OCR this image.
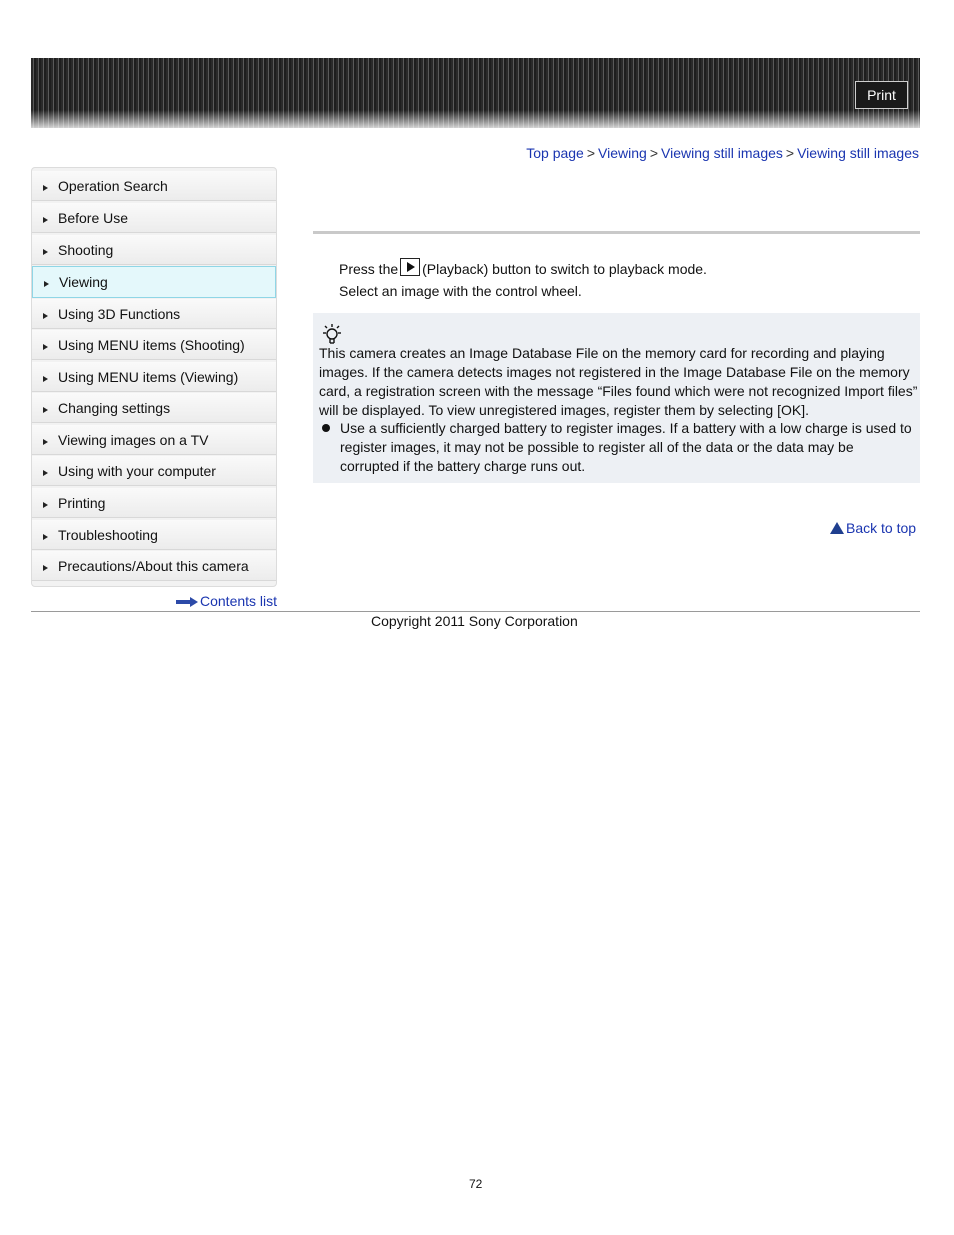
Print
Top page > Viewing > Viewing still images > Viewing still images
Operation Search
Before Use
Shooting
Viewing
Using 3D Functions
Using MENU items (Shooting)
Using MENU items (Viewing)
Changing settings
Viewing images on a TV
Using with your computer
Printing
Troubleshooting
Precautions/About this camera
Contents list
Press the (Playback) button to switch to playback mode.
Select an image with the control wheel.
This camera creates an Image Database File on the memory card for recording and playing images. If the camera detects images not registered in the Image Database File on the memory card, a registration screen with the message “Files found which were not recognized Import files” will be displayed. To view unregistered images, register them by selecting [OK].
Use a sufficiently charged battery to register images. If a battery with a low charge is used to register images, it may not be possible to register all of the data or the data may be corrupted if the battery charge runs out.
Back to top
Copyright 2011 Sony Corporation
72
